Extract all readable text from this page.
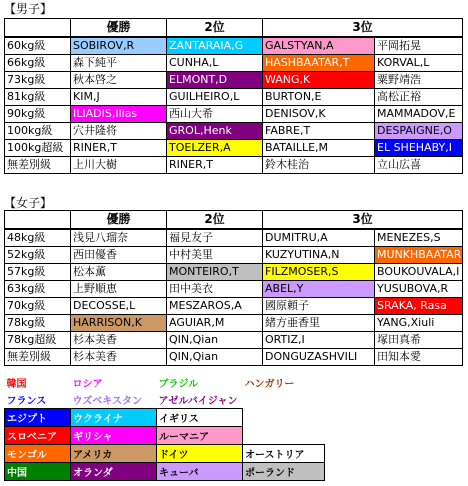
【男子】
	優勝	2位	3位	
60kg級	SOBIROV,R	ZANTARAIA,G	GALSTYAN,A	平岡拓晃
66kg級	森下純平	CUNHA,L	HASHBAATAR,T	KORVAL,L
73kg級	秋本啓之	ELMONT,D	WANG,K	粟野靖浩
81kg級	KIM,J	GUILHEIRO,L	BURTON,E	高松正裕
90kg級	ILIADIS,Ilias	西山大希	DENISOV,K	MAMMADOV,E
100kg級	穴井隆将	GROL,Henk	FABRE,T	DESPAIGNE,O
100kg超級	RINER,T	TOELZER,A	BATAILLE,M	EL SHEHABY,I
無差別級	上川大樹	RINER,T	鈴木桂治	立山広喜
【女子】
	優勝	2位	3位	
48kg級	浅見八瑠奈	福見友子	DUMITRU,A	MENEZES,S
52kg級	西田優香	中村美里	KUZYUTINA,N	MUNKHBAATAR
57kg級	松本薫	MONTEIRO,T	FILZMOSER,S	BOUKOUVALA,I
63kg級	上野順恵	田中美衣	ABEL,Y	YUSUBOVA,R
70kg級	DECOSSE,L	MESZAROS,A	國原頼子	SRAKA, Rasa
78kg級	HARRISON,K	AGUIAR,M	緒方亜香里	YANG,Xiuli
78kg超級	杉本美香	QIN,Qian	ORTIZ,I	塚田真希
無差別級	杉本美香	QIN,Qian	DONGUZASHVILI	田知本愛
韓国	ロシア	ブラジル	ハンガリー
フランス	ウズベキスタン	アゼルバイジャン	
エジプト	ウクライナ	イギリス	
スロベニア	ギリシャ	ルーマニア	
モンゴル	アメリカ	ドイツ	オーストリア
中国	オランダ	キューバ	ポーランド
